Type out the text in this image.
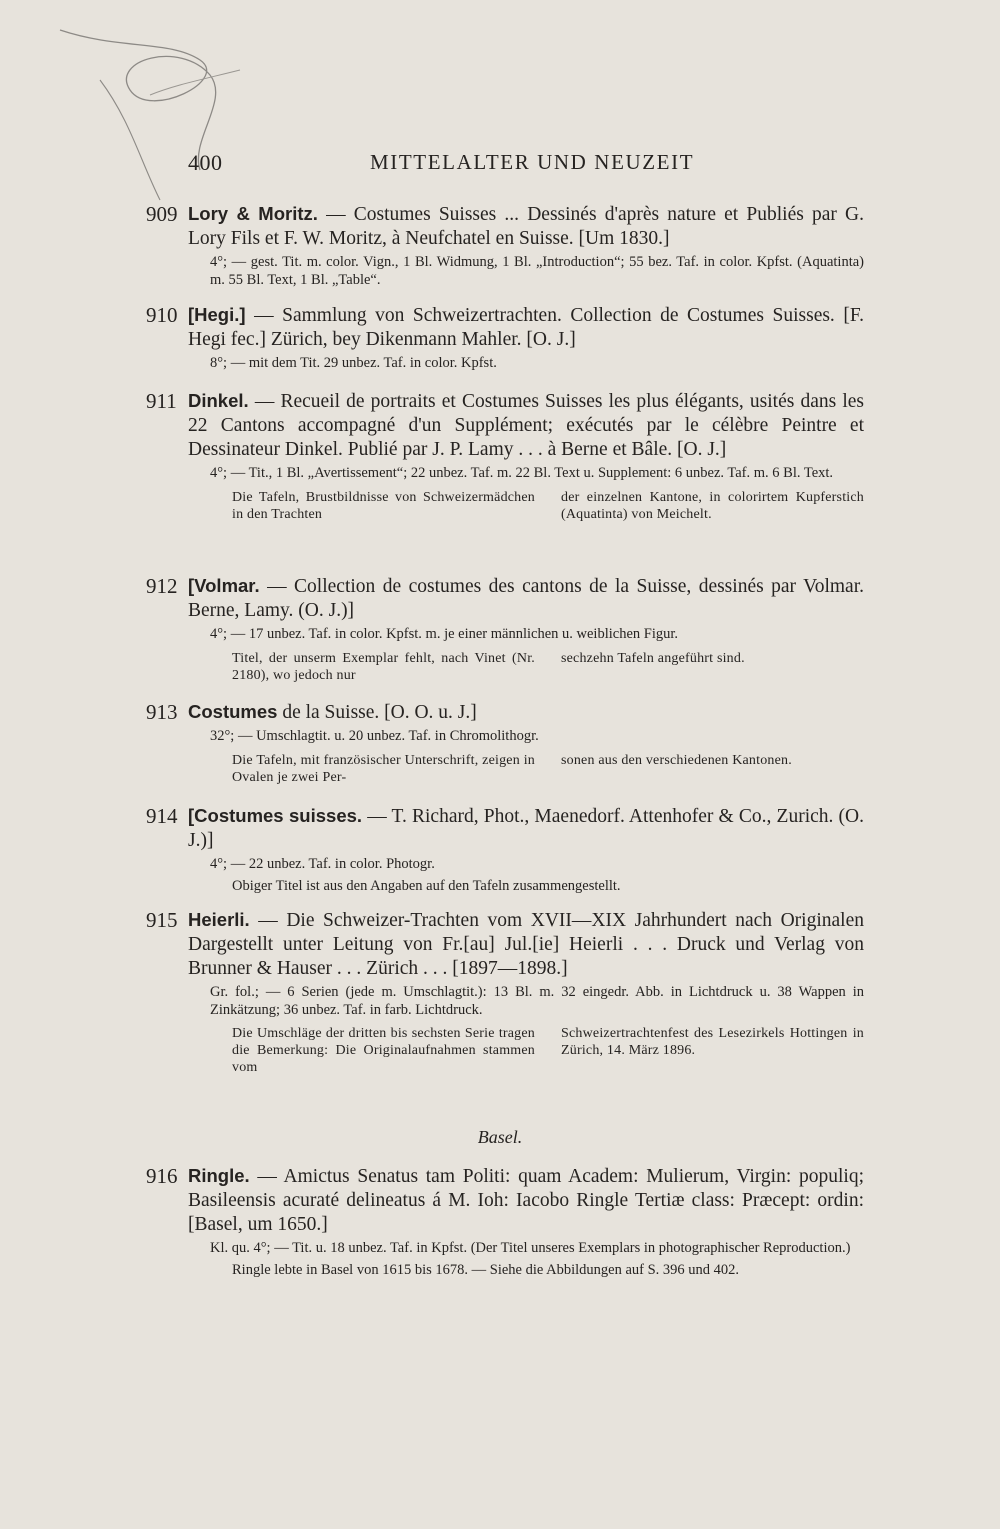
400	MITTELALTER UND NEUZEIT
909 Lory & Moritz. — Costumes Suisses ... Dessinés d'après nature et Publiés par G. Lory Fils et F. W. Moritz, à Neufchatel en Suisse. [Um 1830.]
4°; — gest. Tit. m. color. Vign., 1 Bl. Widmung, 1 Bl. „Introduction“; 55 bez. Taf. in color. Kpfst. (Aquatinta) m. 55 Bl. Text, 1 Bl. „Table“.
910 [Hegi.] — Sammlung von Schweizertrachten. Collection de Costumes Suisses. [F. Hegi fec.] Zürich, bey Dikenmann Mahler. [O. J.]
8°; — mit dem Tit. 29 unbez. Taf. in color. Kpfst.
911 Dinkel. — Recueil de portraits et Costumes Suisses les plus élégants, usités dans les 22 Cantons accompagné d'un Supplément; exécutés par le célèbre Peintre et Dessinateur Dinkel. Publié par J. P. Lamy . . . à Berne et Bâle. [O. J.]
4°; — Tit., 1 Bl. „Avertissement“; 22 unbez. Taf. m. 22 Bl. Text u. Supplement: 6 unbez. Taf. m. 6 Bl. Text.
Die Tafeln, Brustbildnisse von Schweizermädchen in den Trachten
der einzelnen Kantone, in colorirtem Kupferstich (Aquatinta) von Meichelt.
912 [Volmar. — Collection de costumes des cantons de la Suisse, dessinés par Volmar. Berne, Lamy. (O. J.)]
4°; — 17 unbez. Taf. in color. Kpfst. m. je einer männlichen u. weiblichen Figur.
Titel, der unserm Exemplar fehlt, nach Vinet (Nr. 2180), wo jedoch nur
sechzehn Tafeln angeführt sind.
913 Costumes de la Suisse. [O. O. u. J.]
32°; — Umschlagtit. u. 20 unbez. Taf. in Chromolithogr.
Die Tafeln, mit französischer Unterschrift, zeigen in Ovalen je zwei Per-
sonen aus den verschiedenen Kantonen.
914 [Costumes suisses. — T. Richard, Phot., Maenedorf. Attenhofer & Co., Zurich. (O. J.)]
4°; — 22 unbez. Taf. in color. Photogr.
Obiger Titel ist aus den Angaben auf den Tafeln zusammengestellt.
915 Heierli. — Die Schweizer-Trachten vom XVII—XIX Jahrhundert nach Originalen Dargestellt unter Leitung von Fr.[au] Jul.[ie] Heierli . . . Druck und Verlag von Brunner & Hauser . . . Zürich . . . [1897—1898.]
Gr. fol.; — 6 Serien (jede m. Umschlagtit.): 13 Bl. m. 32 eingedr. Abb. in Lichtdruck u. 38 Wappen in Zinkätzung; 36 unbez. Taf. in farb. Lichtdruck.
Die Umschläge der dritten bis sechsten Serie tragen die Bemerkung: Die Originalaufnahmen stammen vom
Schweizertrachtenfest des Lesezirkels Hottingen in Zürich, 14. März 1896.
Basel.
916 Ringle. — Amictus Senatus tam Politi: quam Academ: Mulierum, Virgin: populiq; Basileensis acuraté delineatus á M. Ioh: Iacobo Ringle Tertiæ class: Præcept: ordin: [Basel, um 1650.]
Kl. qu. 4°; — Tit. u. 18 unbez. Taf. in Kpfst. (Der Titel unseres Exemplars in photographischer Reproduction.)
Ringle lebte in Basel von 1615 bis 1678. — Siehe die Abbildungen auf S. 396 und 402.
